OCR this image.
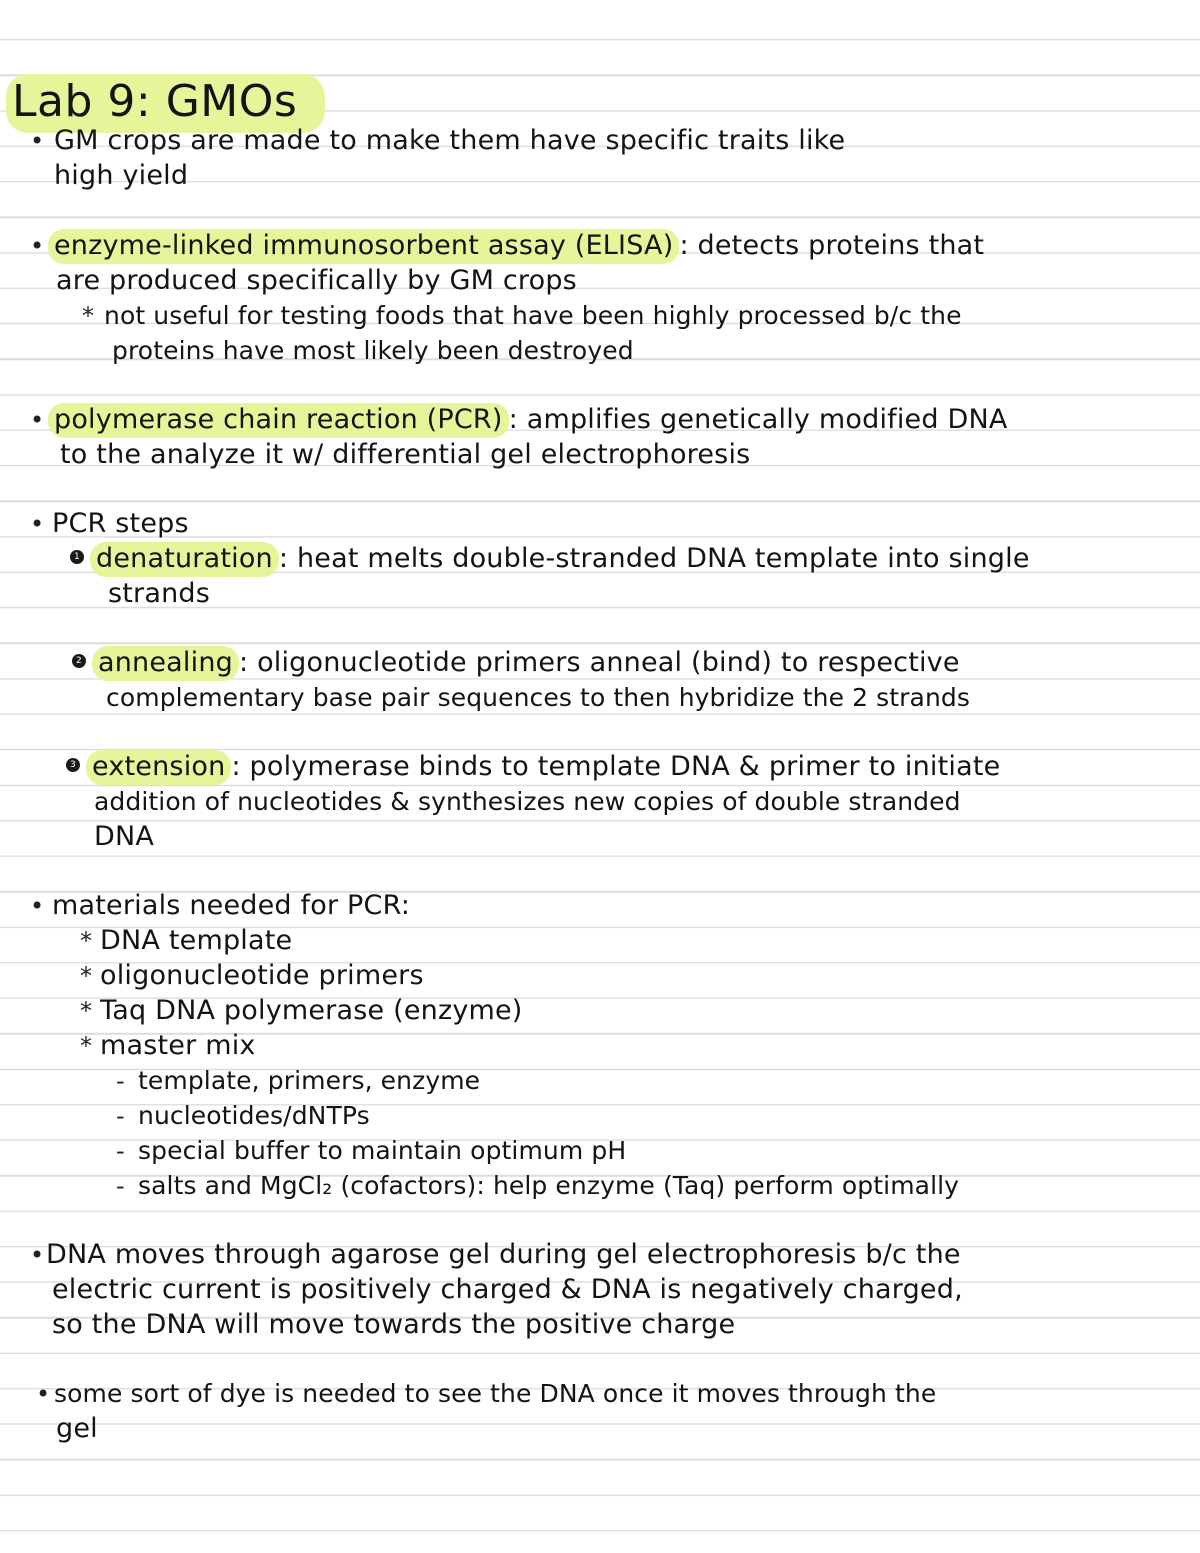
Lab 9: GMOs
• GM crops are made to make them have specific traits like
high yield
• enzyme-linked immunosorbent assay (ELISA) : detects proteins that
are produced specifically by GM crops
* not useful for testing foods that have been highly processed b/c the
proteins have most likely been destroyed
• polymerase chain reaction (PCR) : amplifies genetically modified DNA
to the analyze it w/ differential gel electrophoresis
• PCR steps
1 denaturation : heat melts double-stranded DNA template into single
strands
2 annealing : oligonucleotide primers anneal (bind) to respective
complementary base pair sequences to then hybridize the 2 strands
3 extension : polymerase binds to template DNA & primer to initiate
addition of nucleotides & synthesizes new copies of double stranded
DNA
• materials needed for PCR:
* DNA template
* oligonucleotide primers
* Taq DNA polymerase (enzyme)
* master mix
- template, primers, enzyme
- nucleotides/dNTPs
- special buffer to maintain optimum pH
- salts and MgCl₂ (cofactors): help enzyme (Taq) perform optimally
• DNA moves through agarose gel during gel electrophoresis b/c the
electric current is positively charged & DNA is negatively charged,
so the DNA will move towards the positive charge
• some sort of dye is needed to see the DNA once it moves through the
gel
